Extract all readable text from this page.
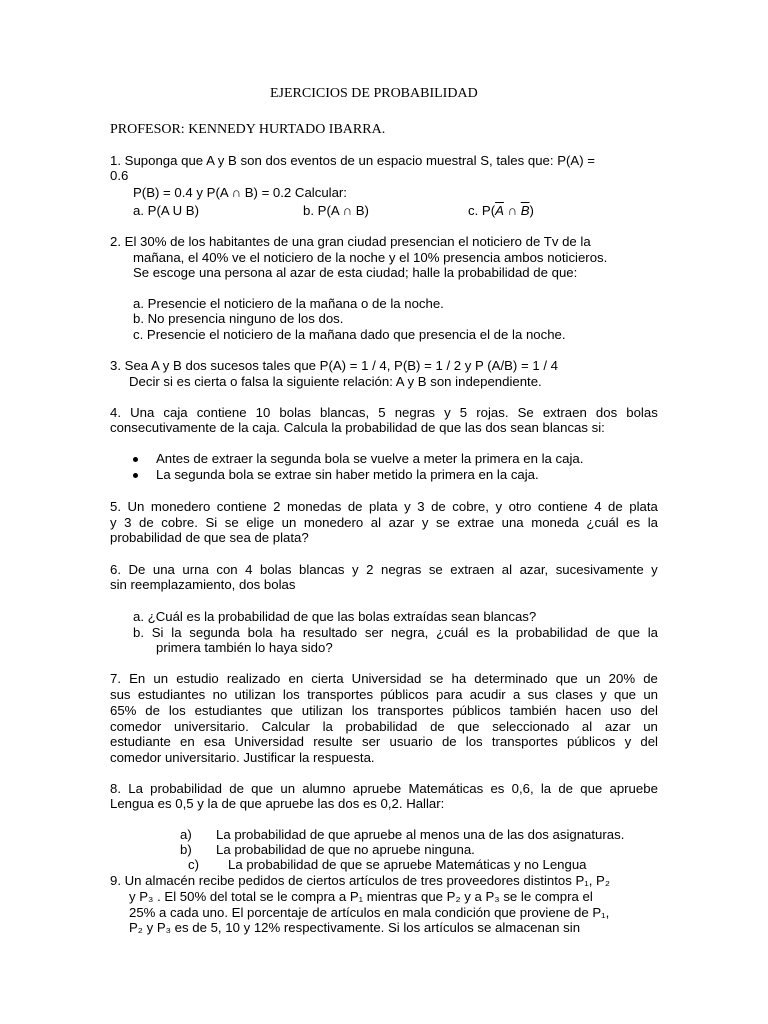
EJERCICIOS DE PROBABILIDAD
PROFESOR: KENNEDY HURTADO IBARRA.
1. Suponga que A y B son dos eventos de un espacio muestral S, tales que: P(A) =
0.6
P(B) = 0.4 y P(A ∩ B) = 0.2 Calcular:
a. P(A U B)	b. P(A ∩ B)	c. $P(\overline{A}$ ∩ $\overline{B}$)
2. El 30% de los habitantes de una gran ciudad presencian el noticiero de Tv de la
mañana, el 40% ve el noticiero de la noche y el 10% presencia ambos noticieros.
Se escoge una persona al azar de esta ciudad; halle la probabilidad de que:
a. Presencie el noticiero de la mañana o de la noche.
b. No presencia ninguno de los dos.
c. Presencie el noticiero de la mañana dado que presencia el de la noche.
3. Sea A y B dos sucesos tales que P(A) = 1 / 4, P(B) = 1 / 2 y P (A/B) = 1 / 4
Decir si es cierta o falsa la siguiente relación: A y B son independiente.
4. Una caja contiene 10 bolas blancas, 5 negras y 5 rojas. Se extraen dos bolas
consecutivamente de la caja. Calcula la probabilidad de que las dos sean blancas si:
Antes de extraer la segunda bola se vuelve a meter la primera en la caja.
La segunda bola se extrae sin haber metido la primera en la caja.
5. Un monedero contiene 2 monedas de plata y 3 de cobre, y otro contiene 4 de plata
y 3 de cobre. Si se elige un monedero al azar y se extrae una moneda ¿cuál es la
probabilidad de que sea de plata?
6. De una urna con 4 bolas blancas y 2 negras se extraen al azar, sucesivamente y
sin reemplazamiento, dos bolas
a. ¿Cuál es la probabilidad de que las bolas extraídas sean blancas?
b. Si la segunda bola ha resultado ser negra, ¿cuál es la probabilidad de que la
primera también lo haya sido?
7. En un estudio realizado en cierta Universidad se ha determinado que un 20% de
sus estudiantes no utilizan los transportes públicos para acudir a sus clases y que un
65% de los estudiantes que utilizan los transportes públicos también hacen uso del
comedor universitario. Calcular la probabilidad de que seleccionado al azar un
estudiante en esa Universidad resulte ser usuario de los transportes públicos y del
comedor universitario. Justificar la respuesta.
8. La probabilidad de que un alumno apruebe Matemáticas es 0,6, la de que apruebe
Lengua es 0,5 y la de que apruebe las dos es 0,2. Hallar:
a) La probabilidad de que apruebe al menos una de las dos asignaturas.
b) La probabilidad de que no apruebe ninguna.
c) La probabilidad de que se apruebe Matemáticas y no Lengua
9. Un almacén recibe pedidos de ciertos artículos de tres proveedores distintos P₁, P₂
y P₃ . El 50% del total se le compra a P₁ mientras que P₂ y a P₃ se le compra el
25% a cada uno. El porcentaje de artículos en mala condición que proviene de P₁,
P₂ y P₃ es de 5, 10 y 12% respectivamente. Si los artículos se almacenan sin
